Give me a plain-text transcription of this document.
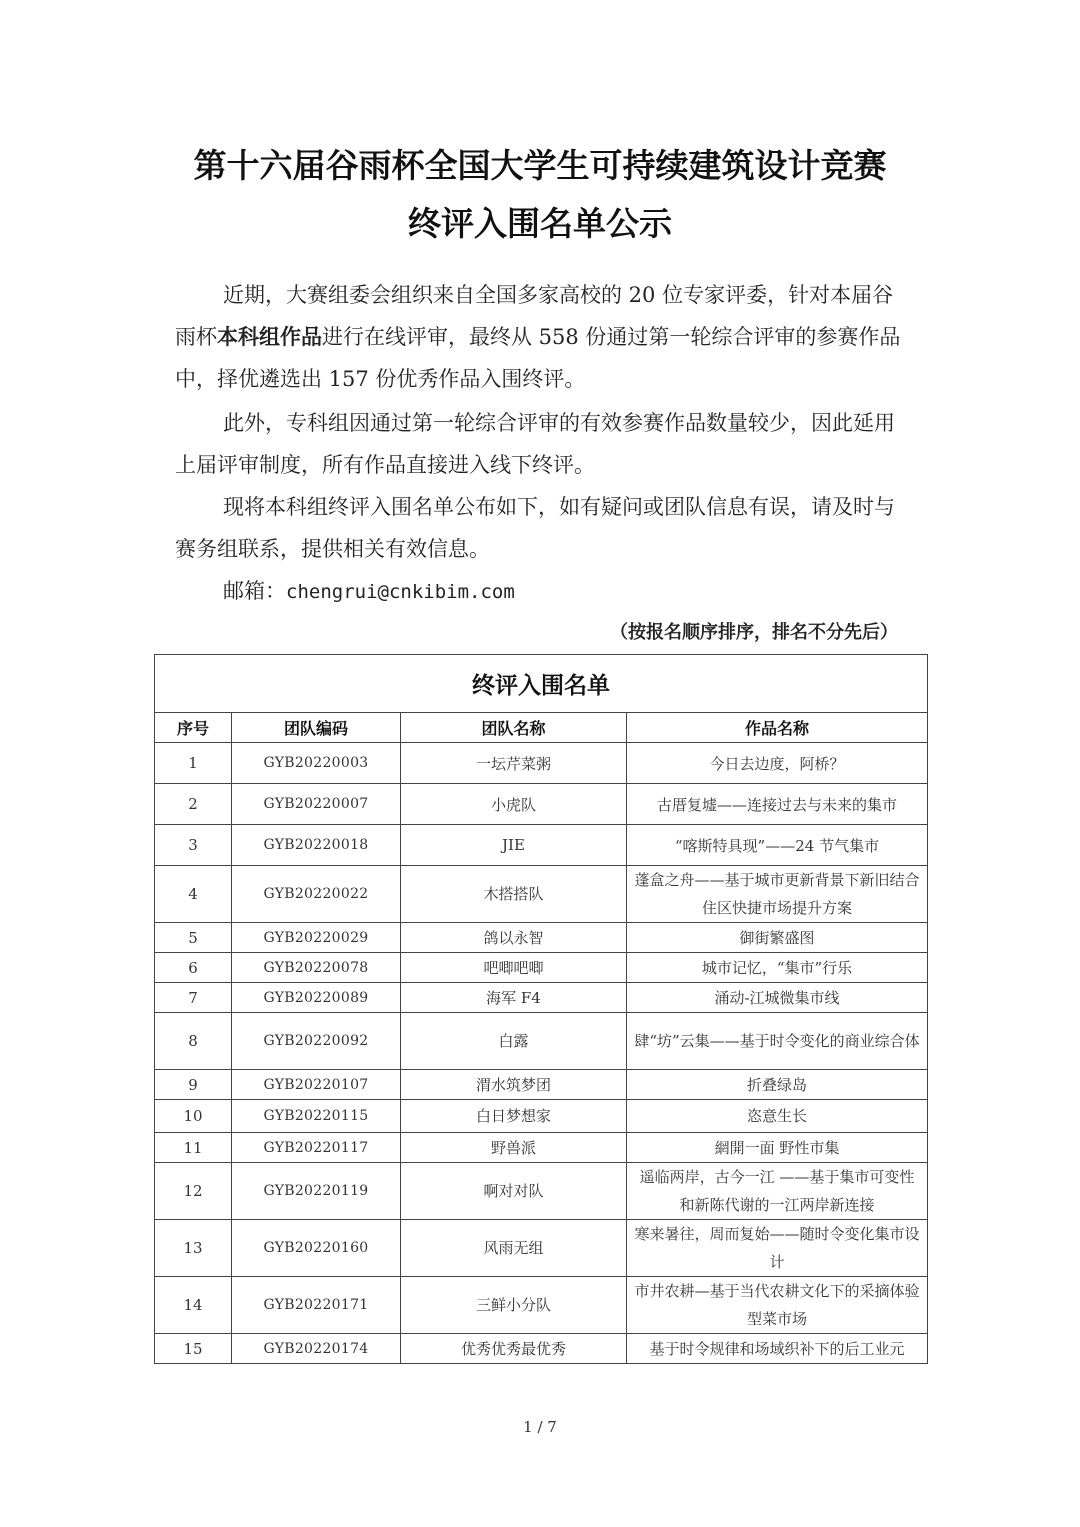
第十六届谷雨杯全国大学生可持续建筑设计竞赛
终评入围名单公示
近期，大赛组委会组织来自全国多家高校的 20 位专家评委，针对本届谷雨杯本科组作品进行在线评审，最终从 558 份通过第一轮综合评审的参赛作品中，择优遴选出 157 份优秀作品入围终评。
此外，专科组因通过第一轮综合评审的有效参赛作品数量较少，因此延用上届评审制度，所有作品直接进入线下终评。
现将本科组终评入围名单公布如下，如有疑问或团队信息有误，请及时与赛务组联系，提供相关有效信息。
邮箱：chengrui@cnkibim.com
（按报名顺序排序，排名不分先后）
终评入围名单			
序号	团队编码	团队名称	作品名称
1	GYB20220003	一坛芹菜粥	今日去边度，阿桥？
2	GYB20220007	小虎队	古厝复墟——连接过去与未来的集市
3	GYB20220018	JIE	“喀斯特具现”——24 节气集市
4	GYB20220022	木搭搭队	蓬盒之舟——基于城市更新背景下新旧结合住区快捷市场提升方案
5	GYB20220029	鸽以永智	御街繁盛图
6	GYB20220078	吧唧吧唧	城市记忆，“集市”行乐
7	GYB20220089	海军 F4	涌动-江城微集市线
8	GYB20220092	白露	肆“坊”云集——基于时令变化的商业综合体
9	GYB20220107	渭水筑梦团	折叠绿岛
10	GYB20220115	白日梦想家	恣意生长
11	GYB20220117	野兽派	網開一面 野性市集
12	GYB20220119	啊对对队	遥临两岸，古今一江 ——基于集市可变性和新陈代谢的一江两岸新连接
13	GYB20220160	风雨无组	寒来暑往，周而复始——随时令变化集市设计
14	GYB20220171	三鲜小分队	市井农耕—基于当代农耕文化下的采摘体验型菜市场
15	GYB20220174	优秀优秀最优秀	基于时令规律和场域织补下的后工业元
1 / 7
